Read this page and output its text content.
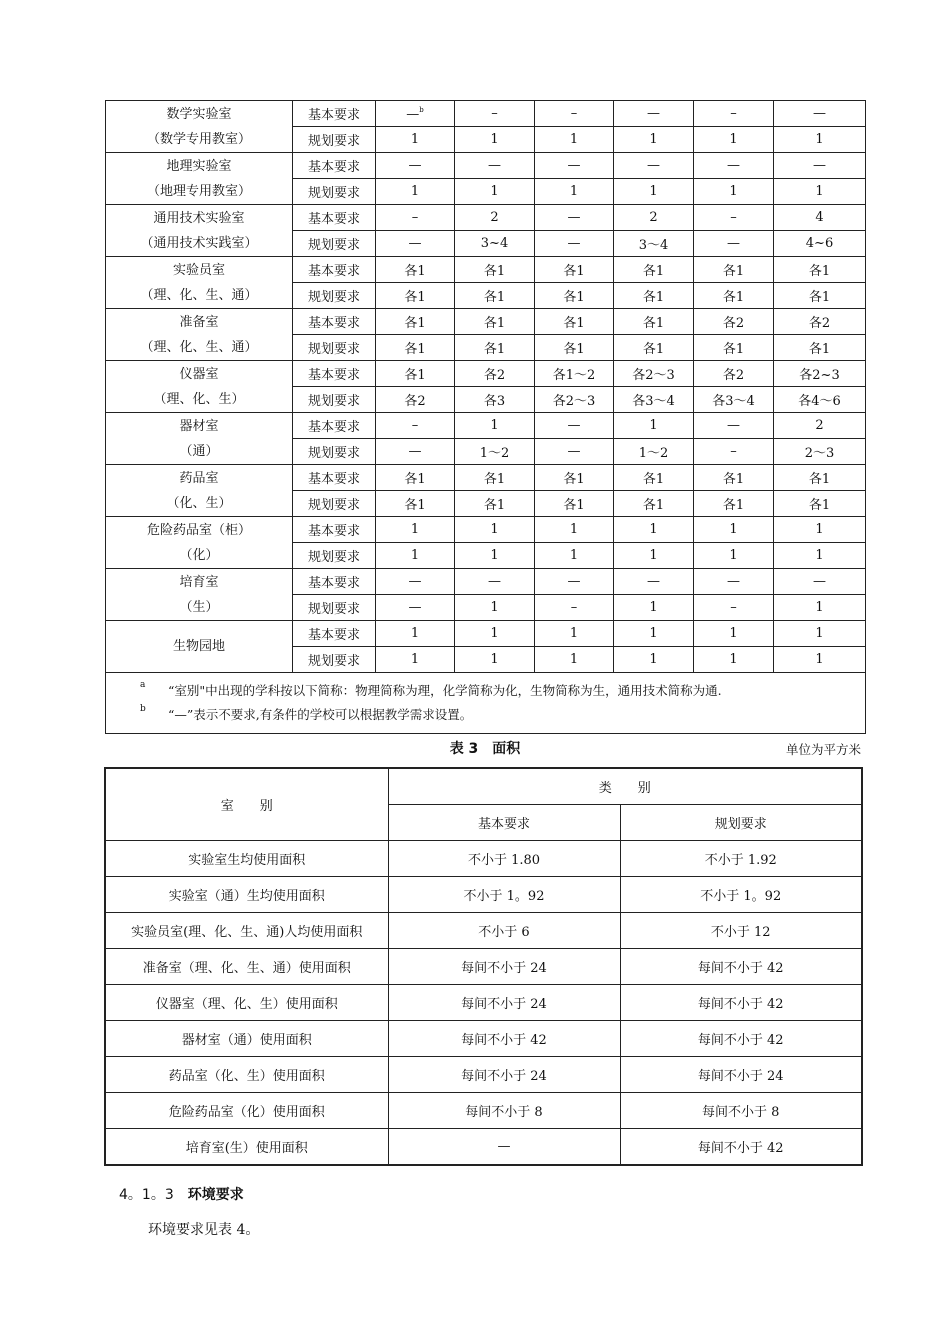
数学实验室
（数学专用教室）	基本要求	—$^b$	–	–	—	–	—
	规划要求	1	1	1	1	1	1

地理实验室
（地理专用教室）	基本要求	—	—	—	—	—	—
	规划要求	1	1	1	1	1	1

通用技术实验室
（通用技术实践室）	基本要求	–	2	—	2	–	4
	规划要求	—	3~4	—	3～4	—	4~6

实验员室
（理、化、生、通）	基本要求	各1	各1	各1	各1	各1	各1
	规划要求	各1	各1	各1	各1	各1	各1

准备室
（理、化、生、通）	基本要求	各1	各1	各1	各1	各2	各2
	规划要求	各1	各1	各1	各1	各1	各1

仪器室
（理、化、生）	基本要求	各1	各2	各1～2	各2～3	各2	各2~3
	规划要求	各2	各3	各2～3	各3～4	各3～4	各4～6

器材室
（通）	基本要求	–	1	—	1	—	2
	规划要求	—	1～2	—	1～2	–	2～3

药品室
（化、生）	基本要求	各1	各1	各1	各1	各1	各1
	规划要求	各1	各1	各1	各1	各1	各1

危险药品室（柜）
（化）	基本要求	1	1	1	1	1	1
	规划要求	1	1	1	1	1	1

培育室
（生）	基本要求	—	—	—	—	—	—
	规划要求	—	1	–	1	–	1

生物园地	基本要求	1	1	1	1	1	1
	规划要求	1	1	1	1	1	1

a “室别"中出现的学科按以下简称：物理简称为理，化学简称为化，生物简称为生，通用技术简称为通.
b “—”表示不要求,有条件的学校可以根据教学需求设置。							
表 3　面积	单位为平方米
室　　别	类　　别	
	基本要求	规划要求
实验室生均使用面积	不小于 1.80	不小于 1.92
实验室（通）生均使用面积	不小于 1。92	不小于 1。92
实验员室(理、化、生、通)人均使用面积	不小于 6	不小于 12
准备室（理、化、生、通）使用面积	每间不小于 24	每间不小于 42
仪器室（理、化、生）使用面积	每间不小于 24	每间不小于 42
器材室（通）使用面积	每间不小于 42	每间不小于 42
药品室（化、生）使用面积	每间不小于 24	每间不小于 24
危险药品室（化）使用面积	每间不小于 8	每间不小于 8
培育室(生）使用面积	—	每间不小于 42
4。1。3 环境要求
环境要求见表 4。
